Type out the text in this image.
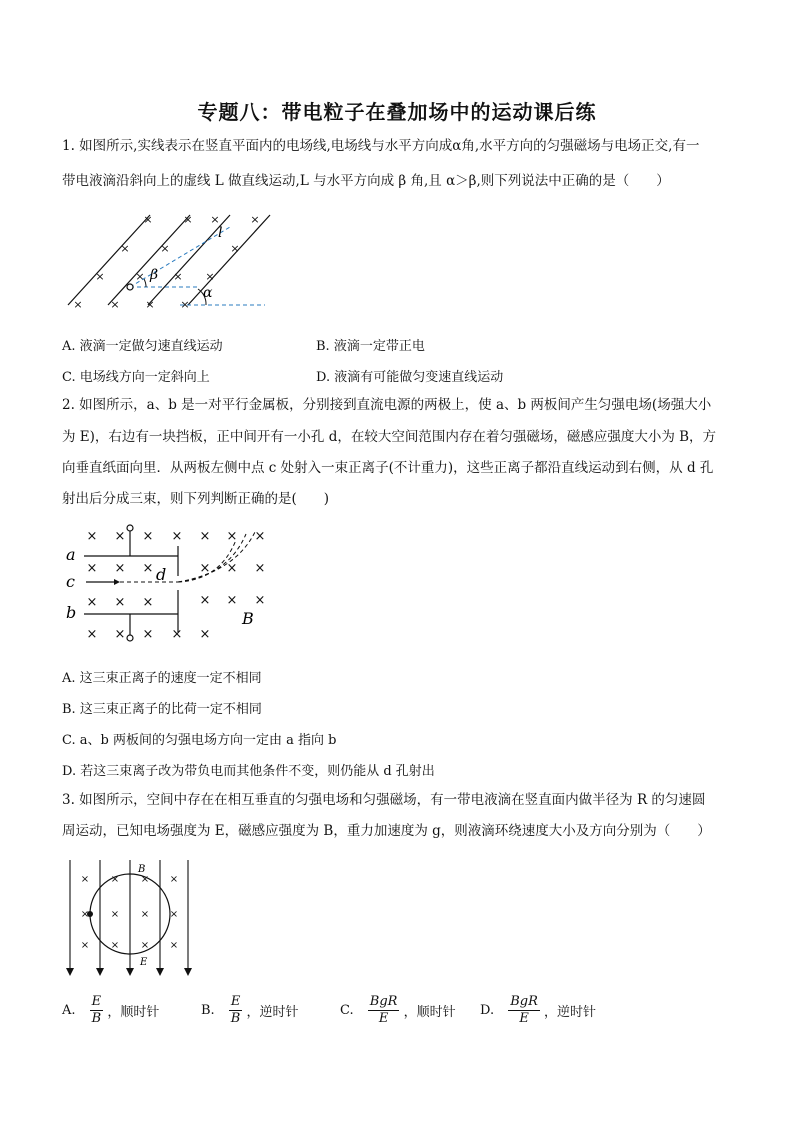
专题八：带电粒子在叠加场中的运动课后练
1. 如图所示,实线表示在竖直平面内的电场线,电场线与水平方向成α角,水平方向的匀强磁场与电场正交,有一
带电液滴沿斜向上的虚线 L 做直线运动,L 与水平方向成 β 角,且 α＞β,则下列说法中正确的是（　　）
×	× ×	×
×	×	×
×	×	× ×
×	× × ×
l
β
α
A. 液滴一定做匀速直线运动	B. 液滴一定带正电
C. 电场线方向一定斜向上	D. 液滴有可能做匀变速直线运动
2. 如图所示，a、b 是一对平行金属板，分别接到直流电源的两极上，使 a、b 两板间产生匀强电场(场强大小
为 E)，右边有一块挡板，正中间开有一小孔 d，在较大空间范围内存在着匀强磁场，磁感应强度大小为 B，方
向垂直纸面向里．从两板左侧中点 c 处射入一束正离子(不计重力)，这些正离子都沿直线运动到右侧，从 d 孔
射出后分成三束，则下列判断正确的是(　　)
× × × × × × ×
× × ×	× × ×
× × ×
× × ×
× × × × ×
a
c
b
d
B
A. 这三束正离子的速度一定不相同
B. 这三束正离子的比荷一定不相同
C. a、b 两板间的匀强电场方向一定由 a 指向 b
D. 若这三束离子改为带负电而其他条件不变，则仍能从 d 孔射出
3. 如图所示，空间中存在在相互垂直的匀强电场和匀强磁场，有一带电液滴在竖直面内做半径为 R 的匀速圆
周运动，已知电场强度为 E，磁感应强度为 B，重力加速度为 g，则液滴环绕速度大小及方向分别为（　　）
× × × ×
× × × ×
× × × ×
B
E
A. $\frac{E}{B}$ ，顺时针	B. $\frac{E}{B}$ ，逆时针	C. $\frac{\text{BgR}}{E}$ ，顺时针 D. $\frac{\text{BgR}}{E}$ ，逆时针
